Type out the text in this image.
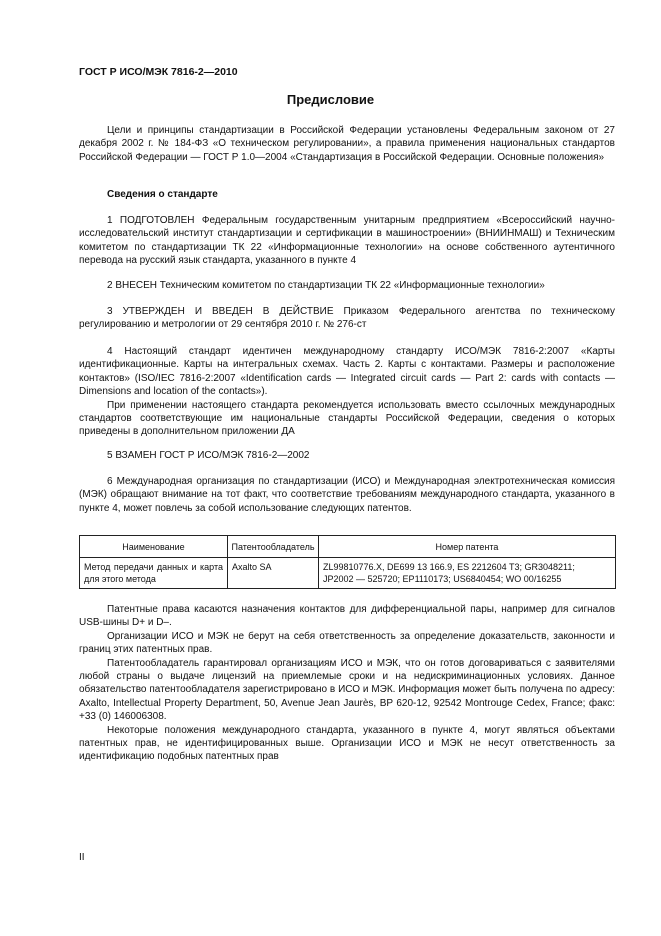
ГОСТ Р ИСО/МЭК 7816-2—2010
Предисловие

Цели и принципы стандартизации в Российской Федерации установлены Федеральным законом от 27 декабря 2002 г. № 184-ФЗ «О техническом регулировании», а правила применения национальных стандартов Российской Федерации — ГОСТ Р 1.0—2004 «Стандартизация в Российской Федерации. Основные положения»

Сведения о стандарте

1 ПОДГОТОВЛЕН Федеральным государственным унитарным предприятием «Всероссийский научно-исследовательский институт стандартизации и сертификации в машиностроении» (ВНИИНМАШ) и Техническим комитетом по стандартизации ТК 22 «Информационные технологии» на основе собственного аутентичного перевода на русский язык стандарта, указанного в пункте 4

2 ВНЕСЕН Техническим комитетом по стандартизации ТК 22 «Информационные технологии»

3 УТВЕРЖДЕН И ВВЕДЕН В ДЕЙСТВИЕ Приказом Федерального агентства по техническому регулированию и метрологии от 29 сентября 2010 г. № 276-ст

4 Настоящий стандарт идентичен международному стандарту ИСО/МЭК 7816-2:2007 «Карты идентификационные. Карты на интегральных схемах. Часть 2. Карты с контактами. Размеры и расположение контактов» (ISO/IEC 7816-2:2007 «Identification cards — Integrated circuit cards — Part 2: cards with contacts — Dimensions and location of the contacts»).

При применении настоящего стандарта рекомендуется использовать вместо ссылочных международных стандартов соответствующие им национальные стандарты Российской Федерации, сведения о которых приведены в дополнительном приложении ДА

5 ВЗАМЕН ГОСТ Р ИСО/МЭК 7816-2—2002

6 Международная организация по стандартизации (ИСО) и Международная электротехническая комиссия (МЭК) обращают внимание на тот факт, что соответствие требованиям международного стандарта, указанного в пункте 4, может повлечь за собой использование следующих патентов.

Наименование	Патентообладатель	Номер патента
Метод передачи данных и карта для этого метода	Axalto SA	ZL99810776.X, DE699 13 166.9, ES 2212604 T3; GR3048211;
JP2002 — 525720; EP1110173; US6840454; WO 00/16255

Патентные права касаются назначения контактов для дифференциальной пары, например для сигналов USB-шины D+ и D–.

Организации ИСО и МЭК не берут на себя ответственность за определение доказательств, законности и границ этих патентных прав.

Патентообладатель гарантировал организациям ИСО и МЭК, что он готов договариваться с заявителями любой страны о выдаче лицензий на приемлемые сроки и на недискриминационных условиях. Данное обязательство патентообладателя зарегистрировано в ИСО и МЭК. Информация может быть получена по адресу: Axalto, Intellectual Property Department, 50, Avenue Jean Jaurès, BP 620-12, 92542 Montrouge Cedex, France; факс: +33 (0) 146006308.

Некоторые положения международного стандарта, указанного в пункте 4, могут являться объектами патентных прав, не идентифицированных выше. Организации ИСО и МЭК не несут ответственность за идентификацию подобных патентных прав

II
